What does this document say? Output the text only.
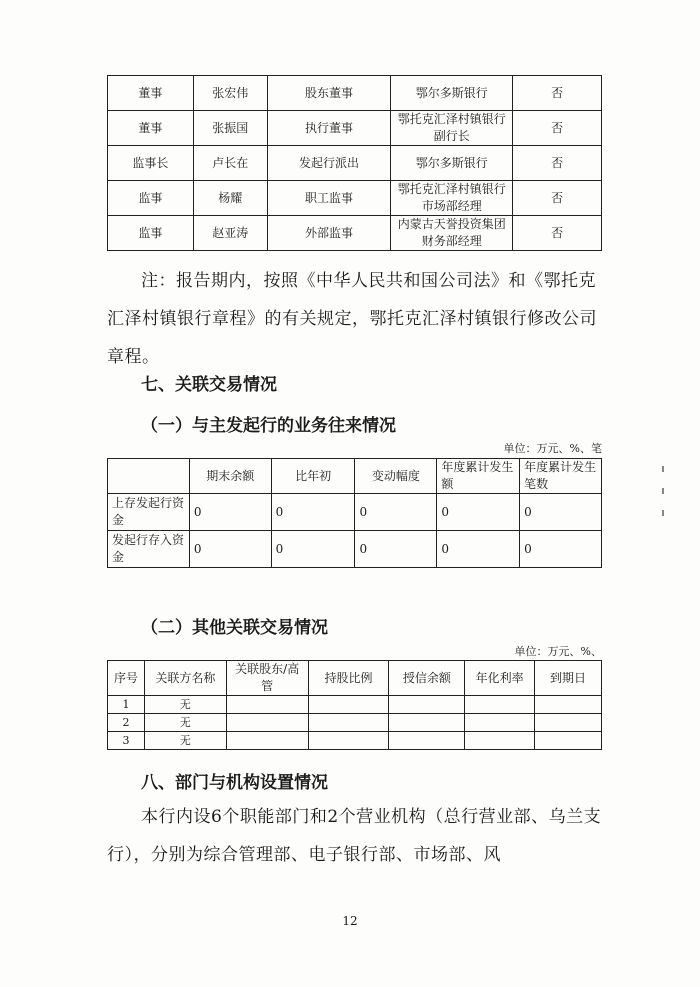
董事	张宏伟	股东董事	鄂尔多斯银行	否
董事	张振国	执行董事	鄂托克汇泽村镇银行副行长	否
监事长	卢长在	发起行派出	鄂尔多斯银行	否
监事	杨耀	职工监事	鄂托克汇泽村镇银行市场部经理	否
监事	赵亚涛	外部监事	内蒙古天誉投资集团财务部经理	否
注：报告期内，按照《中华人民共和国公司法》和《鄂托克汇泽村镇银行章程》的有关规定，鄂托克汇泽村镇银行修改公司章程。
七、关联交易情况
（一）与主发起行的业务往来情况
单位：万元、%、笔
	期末余额	比年初	变动幅度	年度累计发生额	年度累计发生笔数
上存发起行资金	0	0	0	0	0
发起行存入资金	0	0	0	0	0
（二）其他关联交易情况
单位：万元、%、
序号	关联方名称	关联股东/高管	持股比例	授信余额	年化利率	到期日
1	无					
2	无					
3	无					
八、部门与机构设置情况
本行内设6个职能部门和2个营业机构（总行营业部、乌兰支行），分别为综合管理部、电子银行部、市场部、风
12
